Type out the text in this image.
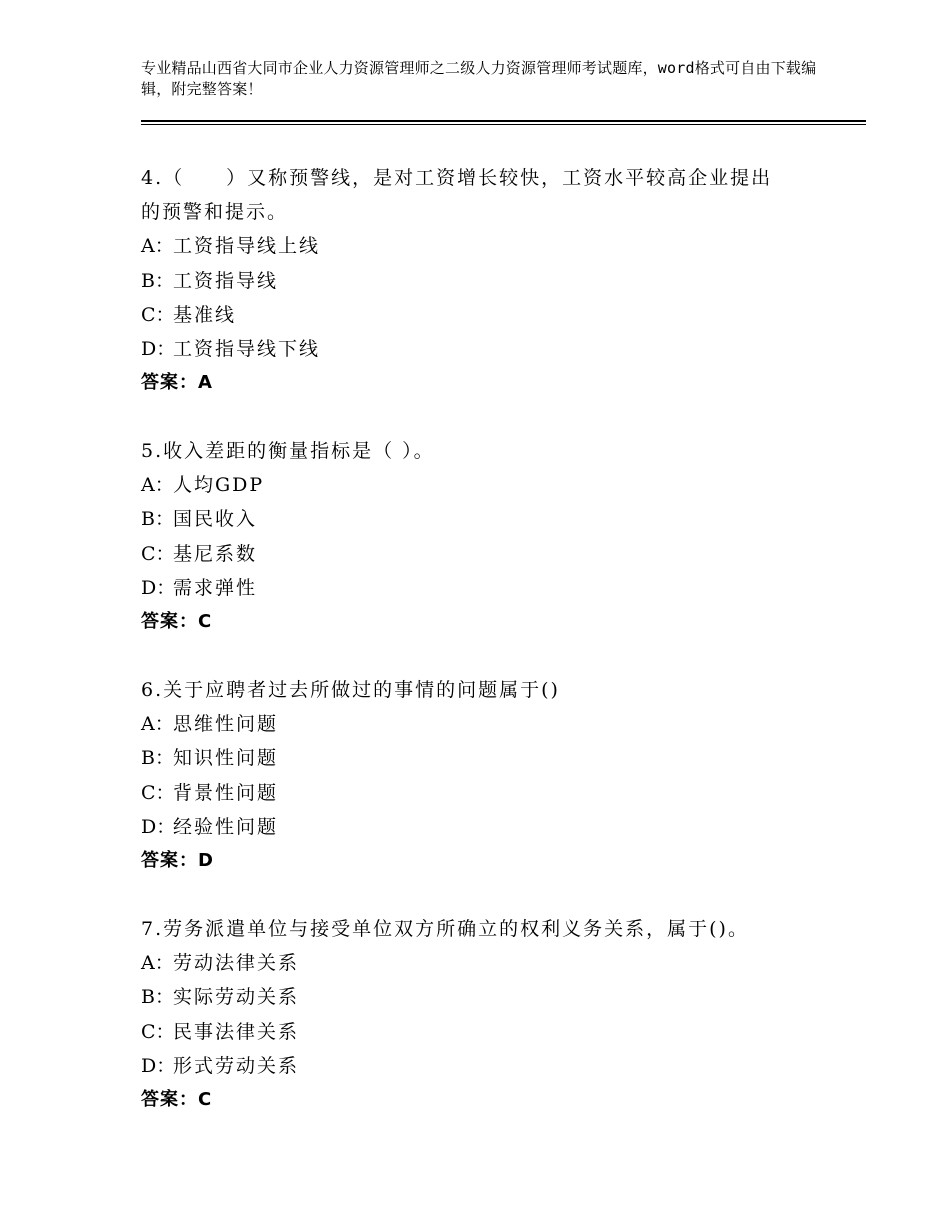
专业精品山西省大同市企业人力资源管理师之二级人力资源管理师考试题库，word格式可自由下载编辑，附完整答案！
4.（　　）又称预警线，是对工资增长较快，工资水平较高企业提出
的预警和提示。
A：工资指导线上线
B：工资指导线
C：基准线
D：工资指导线下线
答案：A
5.收入差距的衡量指标是（ ）。
A：人均GDP
B：国民收入
C：基尼系数
D：需求弹性
答案：C
6.关于应聘者过去所做过的事情的问题属于()
A：思维性问题
B：知识性问题
C：背景性问题
D：经验性问题
答案：D
7.劳务派遣单位与接受单位双方所确立的权利义务关系，属于()。
A：劳动法律关系
B：实际劳动关系
C：民事法律关系
D：形式劳动关系
答案：C
